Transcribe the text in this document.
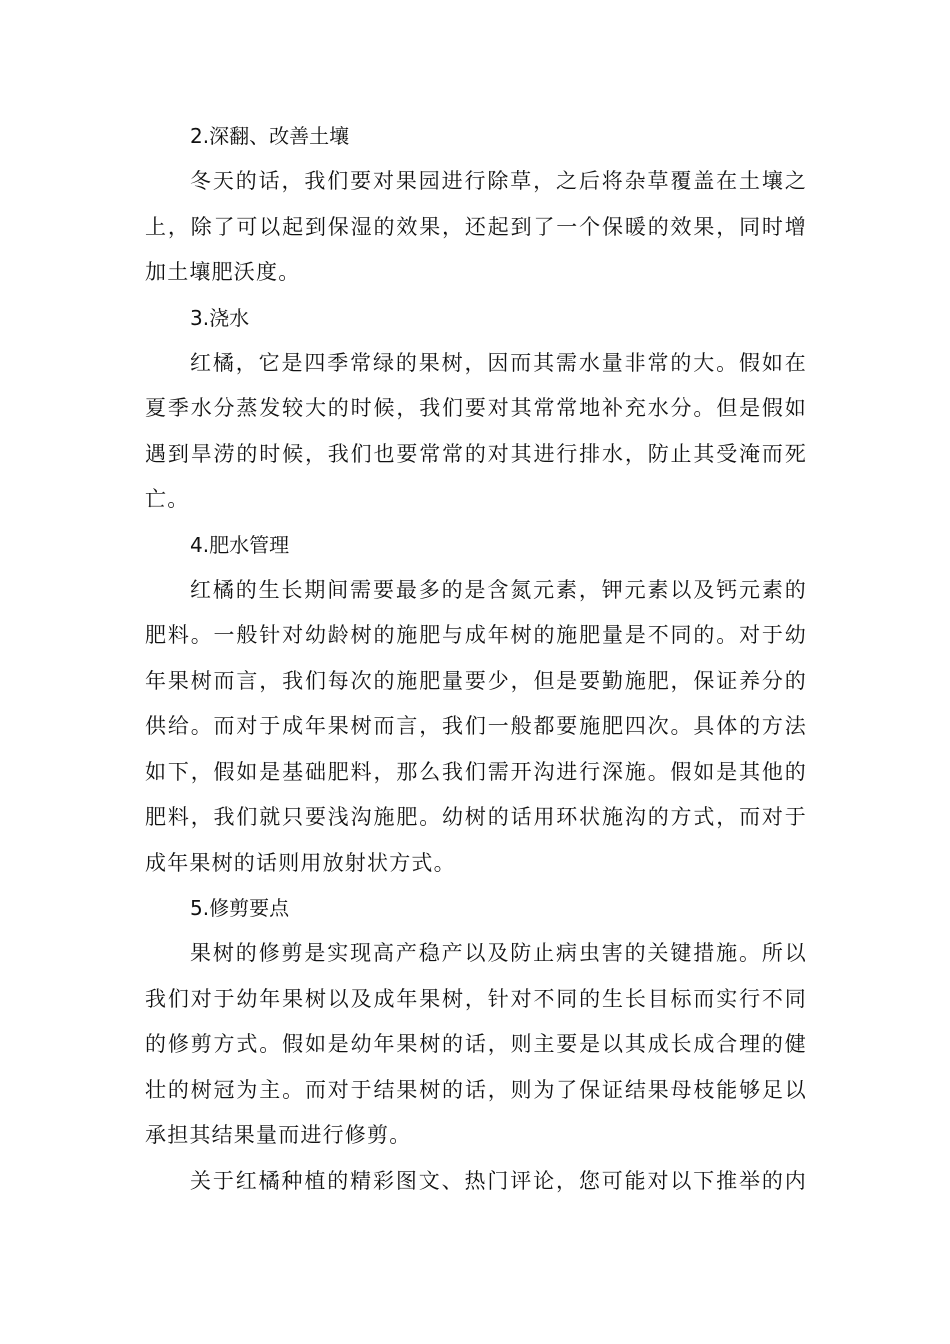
2.深翻、改善土壤

冬天的话，我们要对果园进行除草，之后将杂草覆盖在土壤之
上，除了可以起到保湿的效果，还起到了一个保暖的效果，同时增
加土壤肥沃度。

3.浇水

红橘，它是四季常绿的果树，因而其需水量非常的大。假如在
夏季水分蒸发较大的时候，我们要对其常常地补充水分。但是假如
遇到旱涝的时候，我们也要常常的对其进行排水，防止其受淹而死
亡。

4.肥水管理

红橘的生长期间需要最多的是含氮元素，钾元素以及钙元素的
肥料。一般针对幼龄树的施肥与成年树的施肥量是不同的。对于幼
年果树而言，我们每次的施肥量要少，但是要勤施肥，保证养分的
供给。而对于成年果树而言，我们一般都要施肥四次。具体的方法
如下，假如是基础肥料，那么我们需开沟进行深施。假如是其他的
肥料，我们就只要浅沟施肥。幼树的话用环状施沟的方式，而对于
成年果树的话则用放射状方式。

5.修剪要点

果树的修剪是实现高产稳产以及防止病虫害的关键措施。所以
我们对于幼年果树以及成年果树，针对不同的生长目标而实行不同
的修剪方式。假如是幼年果树的话，则主要是以其成长成合理的健
壮的树冠为主。而对于结果树的话，则为了保证结果母枝能够足以
承担其结果量而进行修剪。

关于红橘种植的精彩图文、热门评论，您可能对以下推举的内
